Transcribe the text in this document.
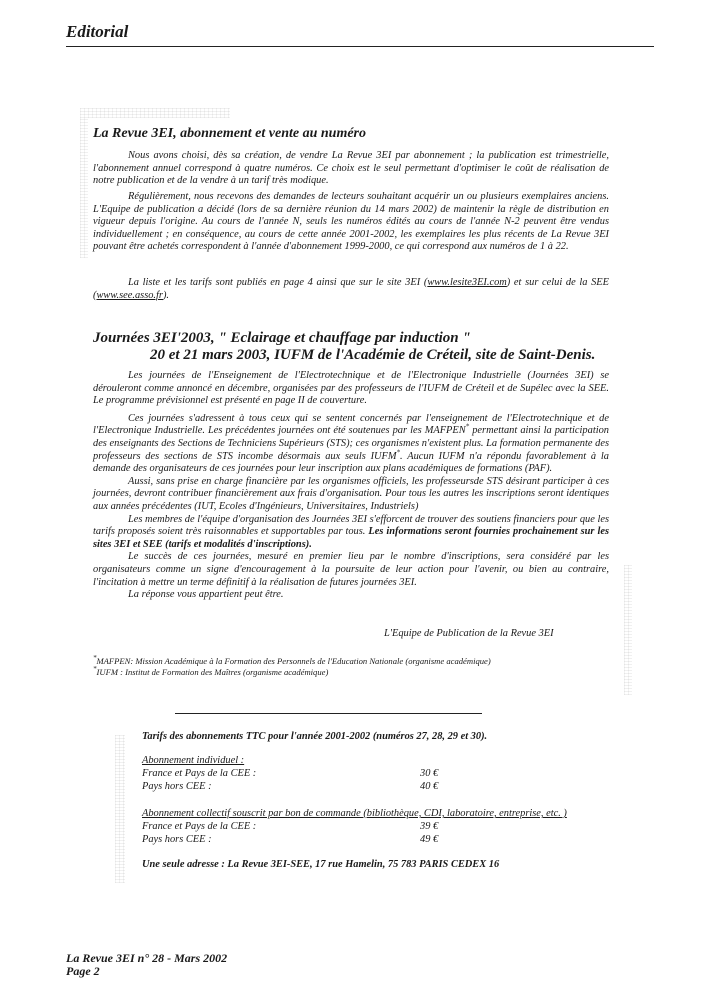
Editorial
La Revue 3EI, abonnement et vente au numéro

Nous avons choisi, dès sa création, de vendre La Revue 3EI par abonnement ; la publication est trimestrielle, l'abonnement annuel correspond à quatre numéros. Ce choix est le seul permettant d'optimiser le coût de réalisation de notre publication et de la vendre à un tarif très modique.

Régulièrement, nous recevons des demandes de lecteurs souhaitant acquérir un ou plusieurs exemplaires anciens. L'Equipe de publication a décidé (lors de sa dernière réunion du 14 mars 2002) de maintenir la règle de distribution en vigueur depuis l'origine. Au cours de l'année N, seuls les numéros édités au cours de l'année N-2 peuvent être vendus individuellement ; en conséquence, au cours de cette année 2001-2002, les exemplaires les plus récents de La Revue 3EI pouvant être achetés correspondent à l'année d'abonnement 1999-2000, ce qui correspond aux numéros de 1 à 22.

La liste et les tarifs sont publiés en page 4 ainsi que sur le site 3EI (www.lesite3EI.com) et sur celui de la SEE (www.see.asso.fr).

Journées 3EI'2003, " Eclairage et chauffage par induction "
20 et 21 mars 2003, IUFM de l'Académie de Créteil, site de Saint-Denis.

Les journées de l'Enseignement de l'Electrotechnique et de l'Electronique Industrielle (Journées 3EI) se dérouleront comme annoncé en décembre, organisées par des professeurs de l'IUFM de Créteil et de Supélec avec la SEE. Le programme prévisionnel est présenté en page II de couverture.

Ces journées s'adressent à tous ceux qui se sentent concernés par l'enseignement de l'Electrotechnique et de l'Electronique Industrielle. Les précédentes journées ont été soutenues par les MAFPEN* permettant ainsi la participation des enseignants des Sections de Techniciens Supérieurs (STS); ces organismes n'existent plus. La formation permanente des professeurs des sections de STS incombe désormais aux seuls IUFM*. Aucun IUFM n'a répondu favorablement à la demande des organisateurs de ces journées pour leur inscription aux plans académiques de formations (PAF).

Aussi, sans prise en charge financière par les organismes officiels, les professeursde STS désirant participer à ces journées, devront contribuer financièrement aux frais d'organisation. Pour tous les autres les inscriptions seront identiques aux années précédentes (IUT, Ecoles d'Ingénieurs, Universitaires, Industriels)

Les membres de l'équipe d'organisation des Journées 3EI s'efforcent de trouver des soutiens financiers pour que les tarifs proposés soient très raisonnables et supportables par tous. Les informations seront fournies prochainement sur les sites 3EI et SEE (tarifs et modalités d'inscriptions).

Le succès de ces journées, mesuré en premier lieu par le nombre d'inscriptions, sera considéré par les organisateurs comme un signe d'encouragement à la poursuite de leur action pour l'avenir, ou bien au contraire, l'incitation à mettre un terme définitif à la réalisation de futures journées 3EI.

La réponse vous appartient peut être.

L'Equipe de Publication de la Revue 3EI
*MAFPEN: Mission Académique à la Formation des Personnels de l'Education Nationale (organisme académique)
*IUFM : Institut de Formation des Maîtres (organisme académique)
Tarifs des abonnements TTC pour l'année 2001-2002 (numéros 27, 28, 29 et 30).
Abonnement individuel :
France et Pays de la CEE :	30 €
Pays hors CEE :	40 €
Abonnement collectif souscrit par bon de commande (bibliothèque, CDI, laboratoire, entreprise, etc. )
France et Pays de la CEE :	39 €
Pays hors CEE :	49 €
Une seule adresse : La Revue 3EI-SEE, 17 rue Hamelin, 75 783 PARIS CEDEX 16
La Revue 3EI n° 28 - Mars 2002
Page 2
